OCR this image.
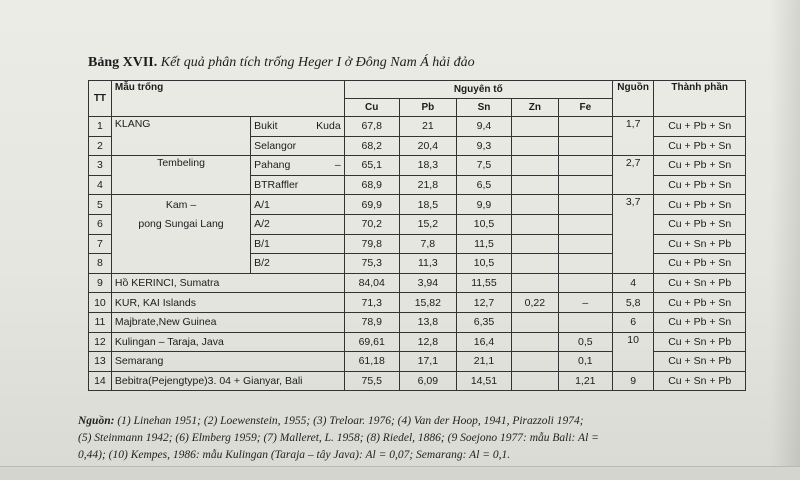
Bảng XVII. Kết quả phân tích trống Heger I ở Đông Nam Á hải đảo
TT	Mẫu trống			Nguyên tố					Nguồn	Thành phần
				Cu	Pb	Sn	Zn	Fe		
1	KLANG	Bukit	Kuda	67,8	21	9,4			1,7	Cu + Pb + Sn
2		Selangor		68,2	20,4	9,3				Cu + Pb + Sn
3	Tembeling	Pahang	–	65,1	18,3	7,5			2,7	Cu + Pb + Sn
4		BTRaffler		68,9	21,8	6,5				Cu + Pb + Sn
5	Kam –	A/1		69,9	18,5	9,9			3,7	Cu + Pb + Sn
6	pong Sungai Lang	A/2		70,2	15,2	10,5				Cu + Pb + Sn
7		B/1		79,8	7,8	11,5				Cu + Sn + Pb
8		B/2		75,3	11,3	10,5				Cu + Pb + Sn
9	Hồ KERINCI, Sumatra			84,04	3,94	11,55			4	Cu + Sn + Pb
10	KUR, KAI Islands			71,3	15,82	12,7	0,22	–	5,8	Cu + Pb + Sn
11	Majbrate,New Guinea			78,9	13,8	6,35			6	Cu + Pb + Sn
12	Kulingan – Taraja, Java			69,61	12,8	16,4		0,5	10	Cu + Sn + Pb
13	Semarang			61,18	17,1	21,1		0,1		Cu + Sn + Pb
14	Bebitra(Pejengtype)3. 04 + Gianyar, Bali			75,5	6,09	14,51		1,21	9	Cu + Sn + Pb
Nguồn: (1) Linehan 1951; (2) Loewenstein, 1955; (3) Treloar. 1976; (4) Van der Hoop, 1941, Pirazzoli 1974;
(5) Steinmann 1942; (6) Elmberg 1959; (7) Malleret, L. 1958; (8) Riedel, 1886; (9 Soejono 1977: mẫu Bali: Al =
0,44); (10) Kempes, 1986: mẫu Kulingan (Taraja – tây Java): Al = 0,07; Semarang: Al = 0,1.
